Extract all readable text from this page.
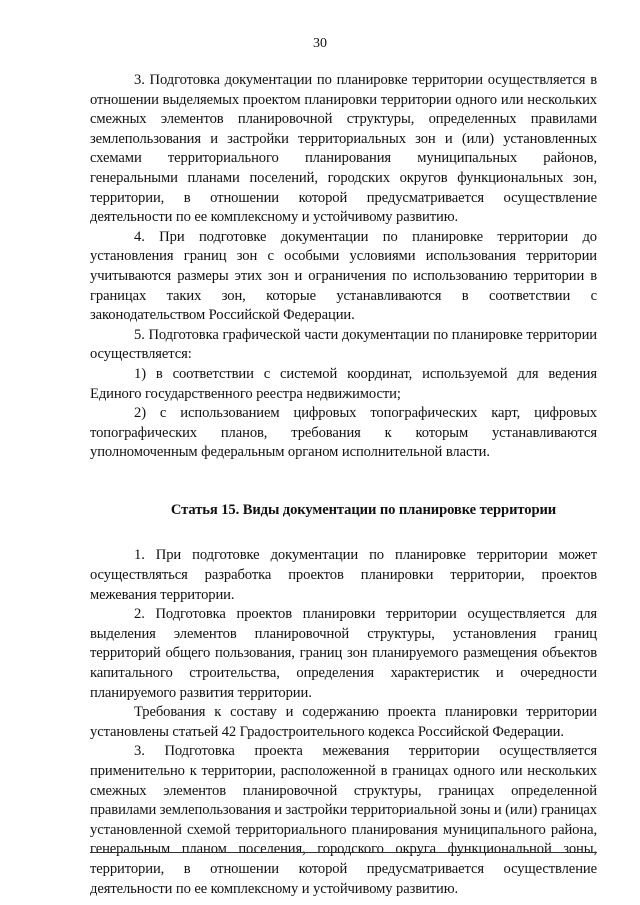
30

3. Подготовка документации по планировке территории осуществляется в отношении выделяемых проектом планировки территории одного или нескольких смежных элементов планировочной структуры, определенных правилами землепользования и застройки территориальных зон и (или) установленных схемами территориального планирования муниципальных районов, генеральными планами поселений, городских округов функциональных зон, территории, в отношении которой предусматривается осуществление деятельности по ее комплексному и устойчивому развитию.

4. При подготовке документации по планировке территории до установления границ зон с особыми условиями использования территории учитываются размеры этих зон и ограничения по использованию территории в границах таких зон, которые устанавливаются в соответствии с законодательством Российской Федерации.

5. Подготовка графической части документации по планировке территории осуществляется:

1) в соответствии с системой координат, используемой для ведения Единого государственного реестра недвижимости;

2) с использованием цифровых топографических карт, цифровых топографических планов, требования к которым устанавливаются уполномоченным федеральным органом исполнительной власти.

Статья 15. Виды документации по планировке территории

1. При подготовке документации по планировке территории может осуществляться разработка проектов планировки территории, проектов межевания территории.

2. Подготовка проектов планировки территории осуществляется для выделения элементов планировочной структуры, установления границ территорий общего пользования, границ зон планируемого размещения объектов капитального строительства, определения характеристик и очередности планируемого развития территории.

Требования к составу и содержанию проекта планировки территории установлены статьей 42 Градостроительного кодекса Российской Федерации.

3. Подготовка проекта межевания территории осуществляется применительно к территории, расположенной в границах одного или нескольких смежных элементов планировочной структуры, границах определенной правилами землепользования и застройки территориальной зоны и (или) границах установленной схемой территориального планирования муниципального района, генеральным планом поселения, городского округа функциональной зоны, территории, в отношении которой предусматривается осуществление деятельности по ее комплексному и устойчивому развитию.
